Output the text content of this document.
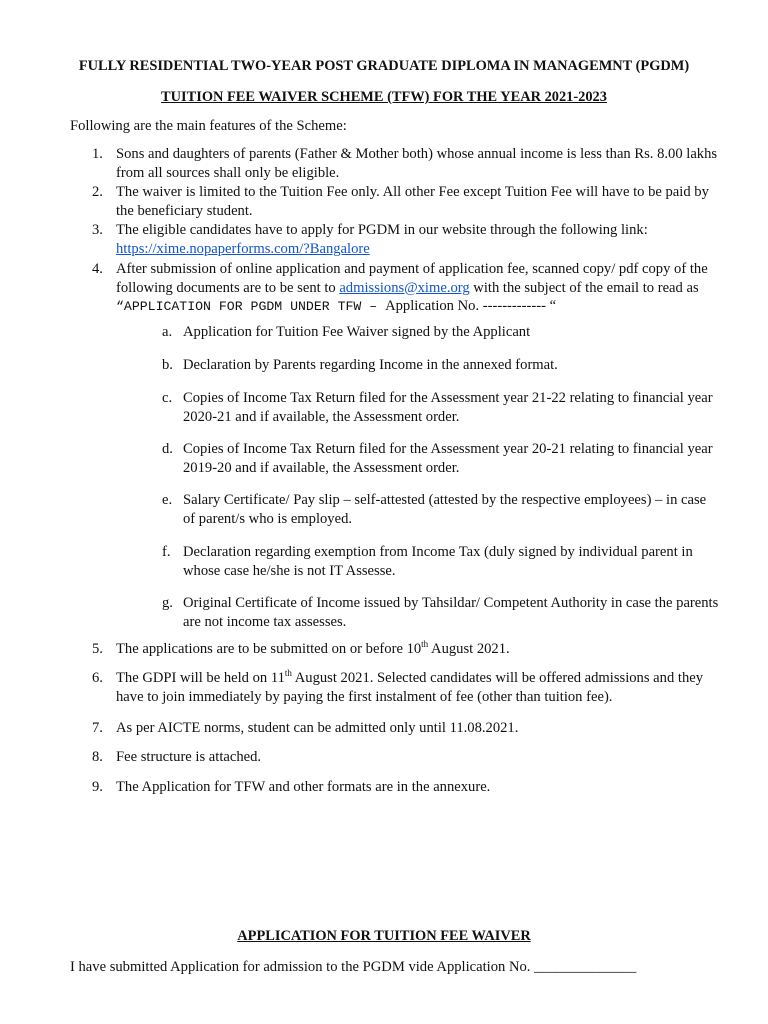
FULLY RESIDENTIAL TWO-YEAR POST GRADUATE DIPLOMA IN MANAGEMNT (PGDM)
TUITION FEE WAIVER SCHEME (TFW) FOR THE YEAR 2021-2023
Following are the main features of the Scheme:
1. Sons and daughters of parents (Father & Mother both) whose annual income is less than Rs. 8.00 lakhs
from all sources shall only be eligible.
2. The waiver is limited to the Tuition Fee only. All other Fee except Tuition Fee will have to be paid by
the beneficiary student.
3. The eligible candidates have to apply for PGDM in our website through the following link:
https://xime.nopaperforms.com/?Bangalore
4. After submission of online application and payment of application fee, scanned copy/ pdf copy of the
following documents are to be sent to admissions@xime.org with the subject of the email to read as
“APPLICATION FOR PGDM UNDER TFW – Application No. ------------- “
a. Application for Tuition Fee Waiver signed by the Applicant
b. Declaration by Parents regarding Income in the annexed format.
c. Copies of Income Tax Return filed for the Assessment year 21-22 relating to financial year
2020-21 and if available, the Assessment order.
d. Copies of Income Tax Return filed for the Assessment year 20-21 relating to financial year
2019-20 and if available, the Assessment order.
e. Salary Certificate/ Pay slip – self-attested (attested by the respective employees) – in case
of parent/s who is employed.
f. Declaration regarding exemption from Income Tax (duly signed by individual parent in
whose case he/she is not IT Assesse.
g. Original Certificate of Income issued by Tahsildar/ Competent Authority in case the parents
are not income tax assesses.
5. The applications are to be submitted on or before 10th August 2021.
6. The GDPI will be held on 11th August 2021. Selected candidates will be offered admissions and they
have to join immediately by paying the first instalment of fee (other than tuition fee).
7. As per AICTE norms, student can be admitted only until 11.08.2021.
8. Fee structure is attached.
9. The Application for TFW and other formats are in the annexure.
APPLICATION FOR TUITION FEE WAIVER
I have submitted Application for admission to the PGDM vide Application No. ______________
